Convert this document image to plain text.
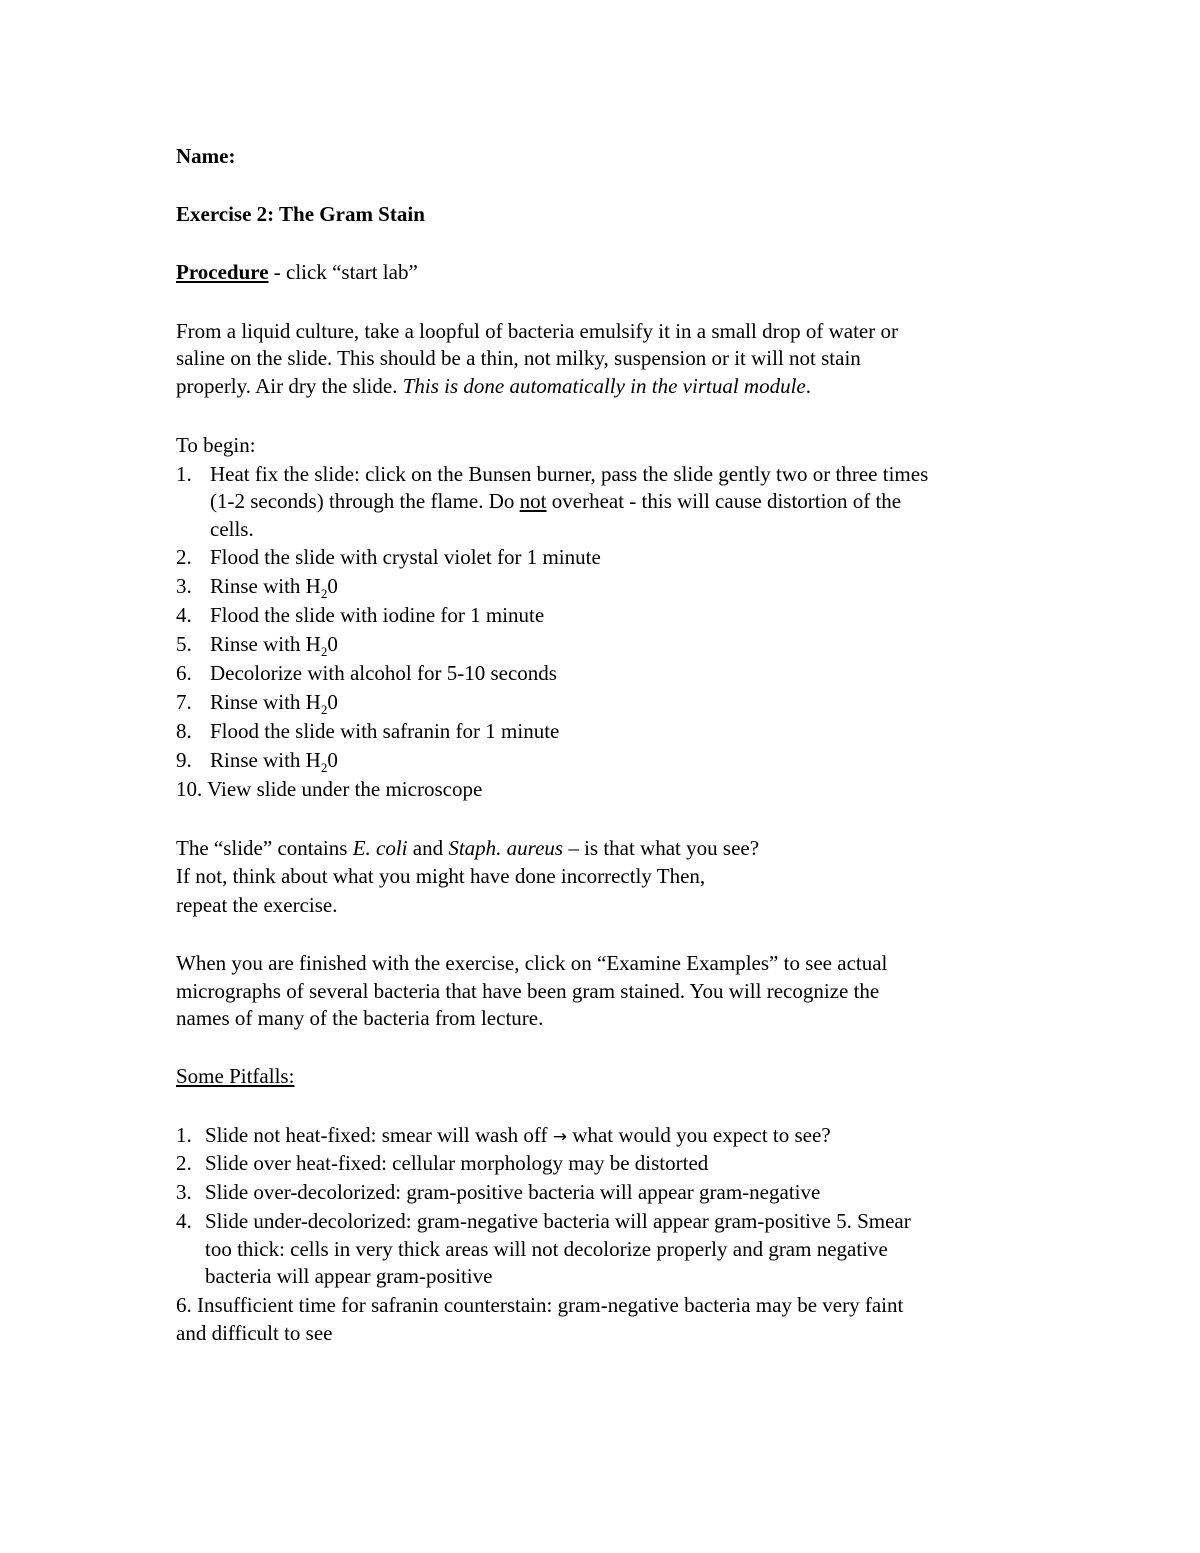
Name:
Exercise 2: The Gram Stain
Procedure - click “start lab”
From a liquid culture, take a loopful of bacteria emulsify it in a small drop of water or
saline on the slide. This should be a thin, not milky, suspension or it will not stain
properly. Air dry the slide. This is done automatically in the virtual module.
To begin:
1. Heat fix the slide: click on the Bunsen burner, pass the slide gently two or three times
(1-2 seconds) through the flame. Do not overheat - this will cause distortion of the
cells.
2. Flood the slide with crystal violet for 1 minute
3. Rinse with $H_20$
4. Flood the slide with iodine for 1 minute
5. Rinse with $H_20$
6. Decolorize with alcohol for 5-10 seconds
7. Rinse with $H_20$
8. Flood the slide with safranin for 1 minute
9. Rinse with $H_20$
10. View slide under the microscope
The “slide” contains E. coli and Staph. aureus – is that what you see?
If not, think about what you might have done incorrectly Then,
repeat the exercise.
When you are finished with the exercise, click on “Examine Examples” to see actual
micrographs of several bacteria that have been gram stained. You will recognize the
names of many of the bacteria from lecture.
Some Pitfalls:
1. Slide not heat-fixed: smear will wash off → what would you expect to see?
2. Slide over heat-fixed: cellular morphology may be distorted
3. Slide over-decolorized: gram-positive bacteria will appear gram-negative
4. Slide under-decolorized: gram-negative bacteria will appear gram-positive 5. Smear
too thick: cells in very thick areas will not decolorize properly and gram negative
bacteria will appear gram-positive
6. Insufficient time for safranin counterstain: gram-negative bacteria may be very faint
and difficult to see
